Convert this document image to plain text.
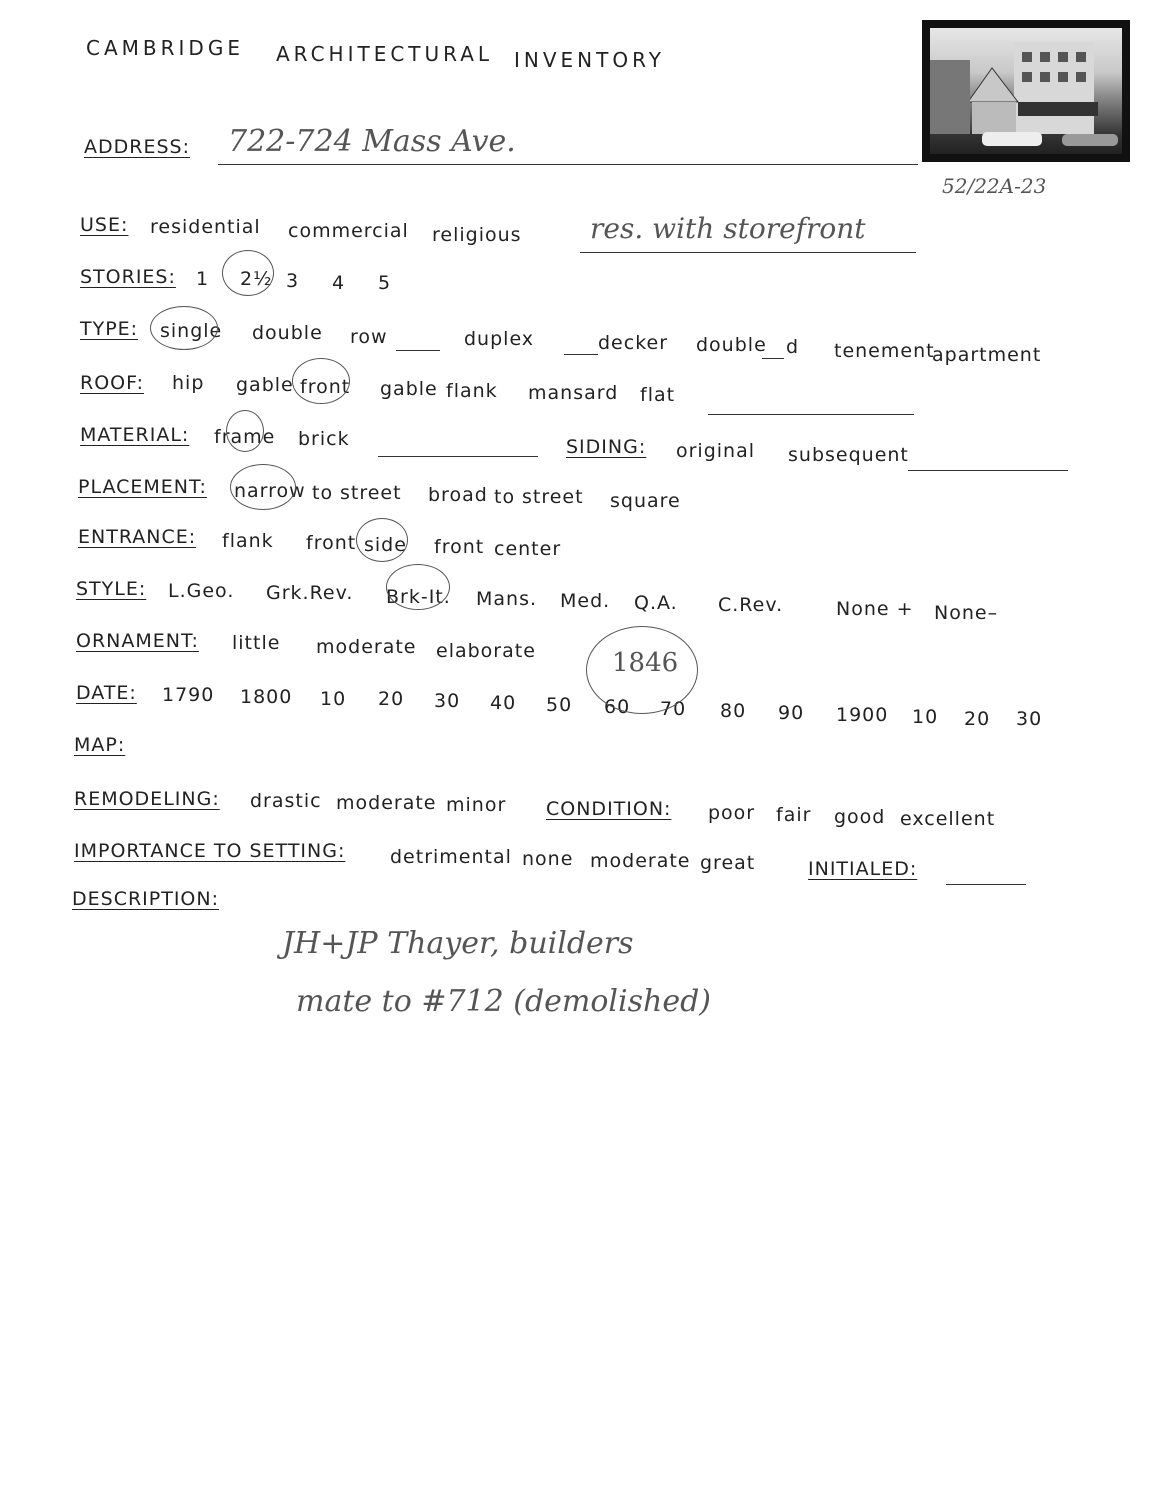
CAMBRIDGE ARCHITECTURAL INVENTORY
52/22A-23
ADDRESS: 722-724 Mass Ave.
USE: residential commercial religious res. with storefront
STORIES: 1 2½ 3 4 5
TYPE: single double row	duplex	decker double d tenement
apartment
ROOF: hip gable front gable flank mansard flat
MATERIAL: frame brick	SIDING: original subsequent
PLACEMENT: narrow to street broad to street square
ENTRANCE: flank front side front center
STYLE: L.Geo. Grk.Rev. Brk-It. Mans. Med. Q.A. C.Rev.	None + None–
ORNAMENT: little moderate elaborate
DATE: 1790 1800 10 20 30 40 50 60 70
1846
80 90 1900 10 20 30
MAP:
REMODELING: drastic moderate minor CONDITION: poor fair good excellent
IMPORTANCE TO SETTING: detrimental none moderate great	INITIALED:
DESCRIPTION:
JH+JP Thayer, builders
mate to #712 (demolished)
